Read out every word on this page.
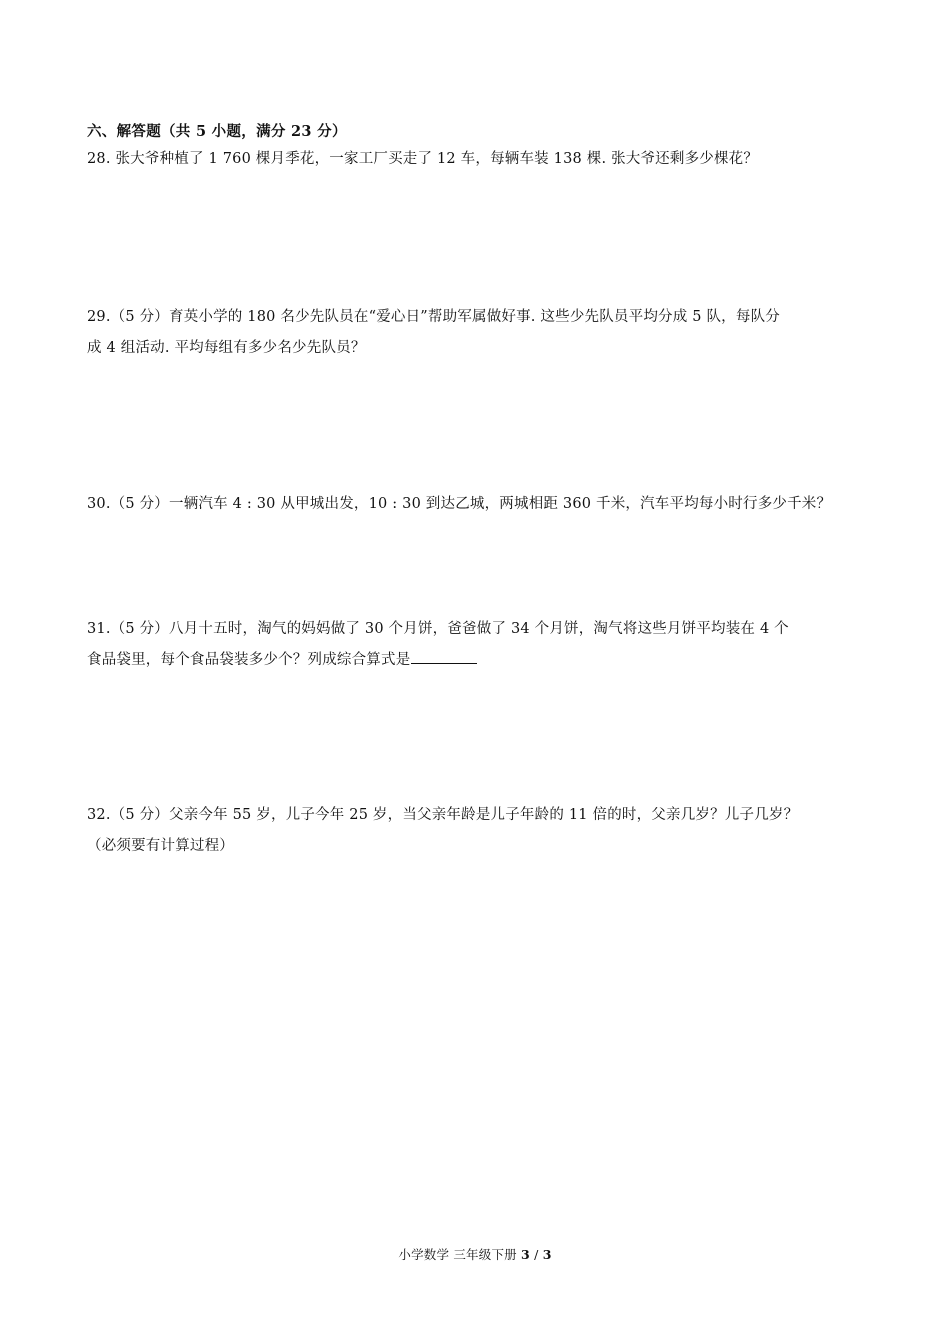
六、解答题（共 5 小题，满分 23 分）
28. 张大爷种植了 1 760 棵月季花，一家工厂买走了 12 车，每辆车装 138 棵. 张大爷还剩多少棵花？
29.（5 分）育英小学的 180 名少先队员在“爱心日”帮助军属做好事. 这些少先队员平均分成 5 队，每队分
成 4 组活动. 平均每组有多少名少先队员？
30.（5 分）一辆汽车 4 : 30 从甲城出发，10 : 30 到达乙城，两城相距 360 千米，汽车平均每小时行多少千米？
31.（5 分）八月十五时，淘气的妈妈做了 30 个月饼，爸爸做了 34 个月饼，淘气将这些月饼平均装在 4 个
食品袋里，每个食品袋装多少个？列成综合算式是
32.（5 分）父亲今年 55 岁，儿子今年 25 岁，当父亲年龄是儿子年龄的 11 倍的时，父亲几岁？儿子几岁？
（必须要有计算过程）
小学数学 三年级下册 3 / 3
